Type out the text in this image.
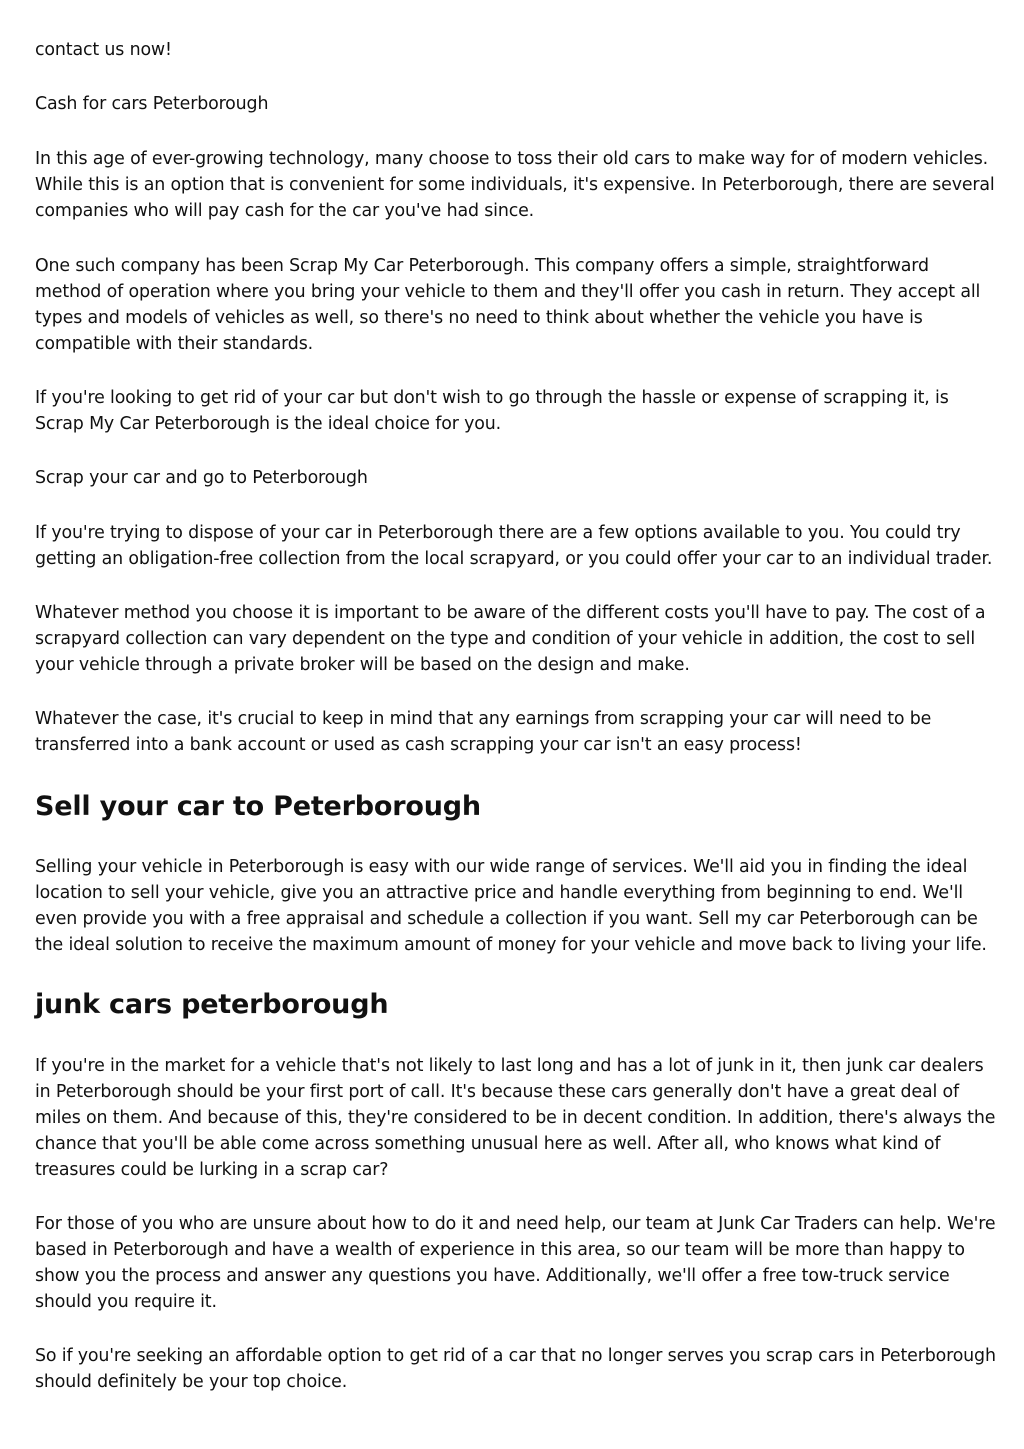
contact us now!

Cash for cars Peterborough

In this age of ever-growing technology, many choose to toss their old cars to make way for of modern vehicles. While this is an option that is convenient for some individuals, it's expensive. In Peterborough, there are several companies who will pay cash for the car you've had since.

One such company has been Scrap My Car Peterborough. This company offers a simple, straightforward method of operation where you bring your vehicle to them and they'll offer you cash in return. They accept all types and models of vehicles as well, so there's no need to think about whether the vehicle you have is compatible with their standards.

If you're looking to get rid of your car but don't wish to go through the hassle or expense of scrapping it, is Scrap My Car Peterborough is the ideal choice for you.

Scrap your car and go to Peterborough

If you're trying to dispose of your car in Peterborough there are a few options available to you. You could try getting an obligation-free collection from the local scrapyard, or you could offer your car to an individual trader.

Whatever method you choose it is important to be aware of the different costs you'll have to pay. The cost of a scrapyard collection can vary dependent on the type and condition of your vehicle in addition, the cost to sell your vehicle through a private broker will be based on the design and make.

Whatever the case, it's crucial to keep in mind that any earnings from scrapping your car will need to be transferred into a bank account or used as cash scrapping your car isn't an easy process!

Sell your car to Peterborough

Selling your vehicle in Peterborough is easy with our wide range of services. We'll aid you in finding the ideal location to sell your vehicle, give you an attractive price and handle everything from beginning to end. We'll even provide you with a free appraisal and schedule a collection if you want. Sell my car Peterborough can be the ideal solution to receive the maximum amount of money for your vehicle and move back to living your life.

junk cars peterborough

If you're in the market for a vehicle that's not likely to last long and has a lot of junk in it, then junk car dealers in Peterborough should be your first port of call. It's because these cars generally don't have a great deal of miles on them. And because of this, they're considered to be in decent condition. In addition, there's always the chance that you'll be able come across something unusual here as well. After all, who knows what kind of treasures could be lurking in a scrap car?

For those of you who are unsure about how to do it and need help, our team at Junk Car Traders can help. We're based in Peterborough and have a wealth of experience in this area, so our team will be more than happy to show you the process and answer any questions you have. Additionally, we'll offer a free tow-truck service should you require it.

So if you're seeking an affordable option to get rid of a car that no longer serves you scrap cars in Peterborough should definitely be your top choice.
